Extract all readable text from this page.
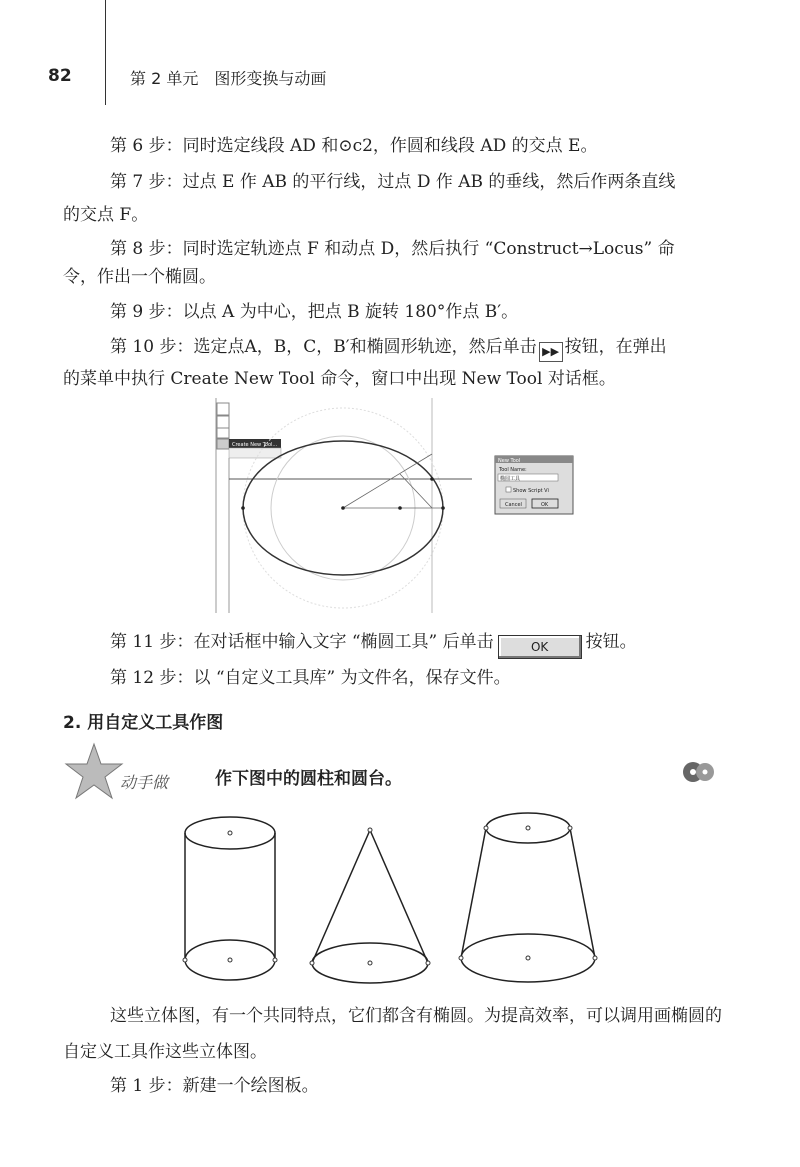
82	第 2 单元　图形变换与动画
第 6 步：同时选定线段 AD 和⊙c2，作圆和线段 AD 的交点 E。
第 7 步：过点 E 作 AB 的平行线，过点 D 作 AB 的垂线，然后作两条直线
的交点 F。
第 8 步：同时选定轨迹点 F 和动点 D，然后执行 “Construct→Locus” 命
令，作出一个椭圆。
第 9 步：以点 A 为中心，把点 B 旋转 180°作点 B′。
第 10 步：选定点A，B，C，B′和椭圆形轨迹，然后单击 ▶▶ 按钮，在弹出
的菜单中执行 Create New Tool 命令，窗口中出现 New Tool 对话框。
Create New Tool...
New Tool
Tool Name:
椭圆工具
Show Script Vi
Cancel	OK
第 11 步：在对话框中输入文字 “椭圆工具” 后单击	OK 按钮。
第 12 步：以 “自定义工具库” 为文件名，保存文件。
2. 用自定义工具作图
动手做	作下图中的圆柱和圆台。
这些立体图，有一个共同特点，它们都含有椭圆。为提高效率，可以调用画椭圆的自定义工具作这些立体图。
第 1 步：新建一个绘图板。
